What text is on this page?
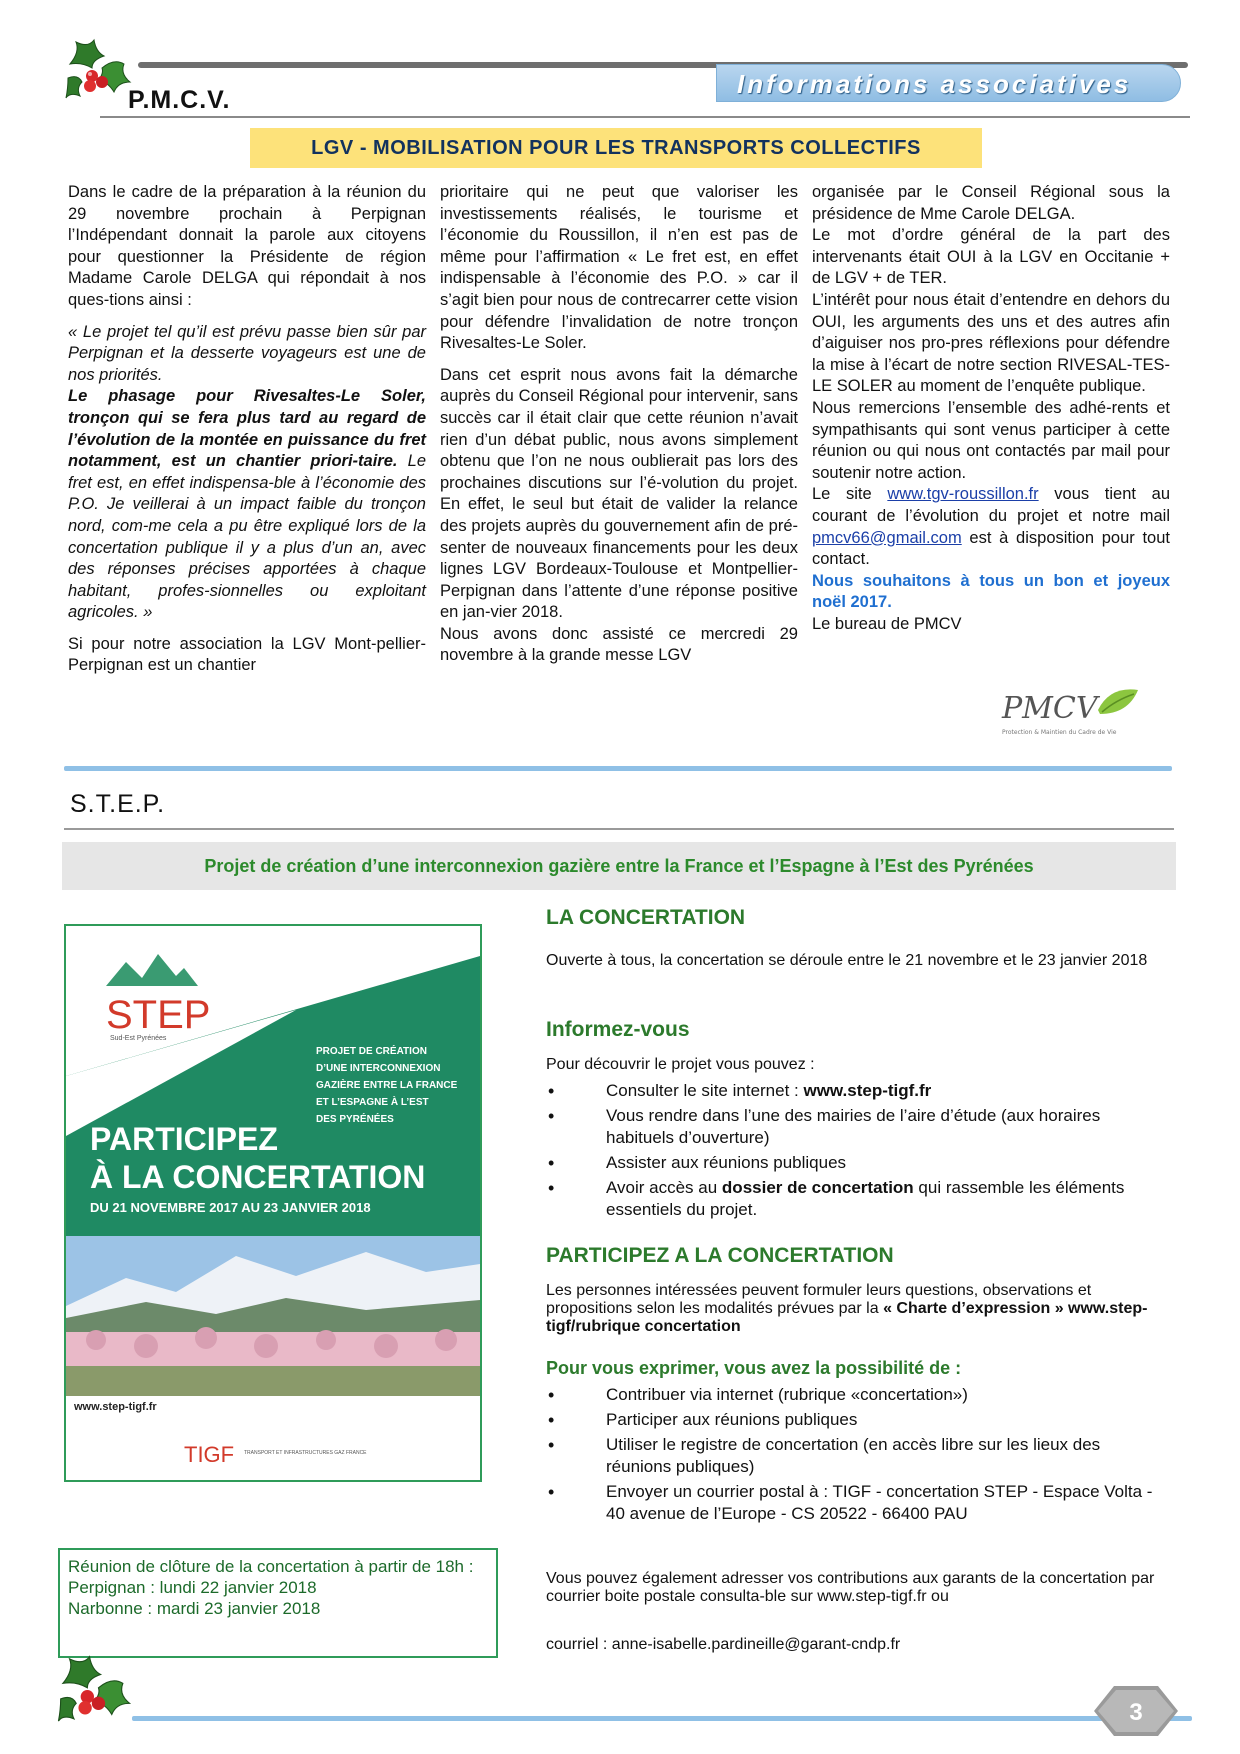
P.M.C.V.
Informations associatives
LGV - MOBILISATION POUR LES TRANSPORTS COLLECTIFS

Dans le cadre de la préparation à la réunion du 29 novembre prochain à Perpignan l’Indépendant donnait la parole aux citoyens pour questionner la Présidente de région Madame Carole DELGA qui répondait à nos ques-tions ainsi :

« Le projet tel qu’il est prévu passe bien sûr par Perpignan et la desserte voyageurs est une de nos priorités.
Le phasage pour Rivesaltes-Le Soler, tronçon qui se fera plus tard au regard de l’évolution de la montée en puissance du fret notamment, est un chantier priori-taire. Le fret est, en effet indispensa-ble à l’économie des P.O. Je veillerai à un impact faible du tronçon nord, com-me cela a pu être expliqué lors de la concertation publique il y a plus d’un an, avec des réponses précises apportées à chaque habitant, profes-sionnelles ou exploitant agricoles. »

Si pour notre association la LGV Mont-pellier-Perpignan est un chantier

prioritaire qui ne peut que valoriser les investissements réalisés, le tourisme et l’économie du Roussillon, il n’en est pas de même pour l’affirmation « Le fret est, en effet indispensable à l’économie des P.O. » car il s’agit bien pour nous de contrecarrer cette vision pour défendre l’invalidation de notre tronçon Rivesaltes-Le Soler.

Dans cet esprit nous avons fait la démarche auprès du Conseil Régional pour intervenir, sans succès car il était clair que cette réunion n’avait rien d’un débat public, nous avons simplement obtenu que l’on ne nous oublierait pas lors des prochaines discutions sur l’é-volution du projet. En effet, le seul but était de valider la relance des projets auprès du gouvernement afin de pré-senter de nouveaux financements pour les deux lignes LGV Bordeaux-Toulouse et Montpellier-Perpignan dans l’attente d’une réponse positive en jan-vier 2018.

Nous avons donc assisté ce mercredi 29 novembre à la grande messe LGV

organisée par le Conseil Régional sous la présidence de Mme Carole DELGA.

Le mot d’ordre général de la part des intervenants était OUI à la LGV en Occitanie + de LGV + de TER.

L’intérêt pour nous était d’entendre en dehors du OUI, les arguments des uns et des autres afin d’aiguiser nos pro-pres réflexions pour défendre la mise à l’écart de notre section RIVESAL-TES-LE SOLER au moment de l’enquête publique.

Nous remercions l’ensemble des adhé-rents et sympathisants qui sont venus participer à cette réunion ou qui nous ont contactés par mail pour soutenir notre action.

Le site www.tgv-roussillon.fr vous tient au courant de l’évolution du projet et notre mail pmcv66@gmail.com est à disposition pour tout contact.

Nous souhaitons à tous un bon et joyeux noël 2017.

Le bureau de PMCV

PMCV
Protection & Maintien du Cadre de Vie
S.T.E.P.
Projet de création d’une interconnexion gazière entre la France et l’Espagne à l’Est des Pyrénées
STEP
Sud-Est Pyrénées
PROJET DE CRÉATION
D’UNE INTERCONNEXION
GAZIÈRE ENTRE LA FRANCE
ET L’ESPAGNE À L’EST
DES PYRÉNÉES
PARTICIPEZ
À LA CONCERTATION
DU 21 NOVEMBRE 2017 AU 23 JANVIER 2018
www.step-tigf.fr
TIGF TRANSPORT ET INFRASTRUCTURES GAZ FRANCE
LA CONCERTATION
Ouverte à tous, la concertation se déroule entre le 21 novembre et le 23 janvier 2018
Informez-vous
Pour découvrir le projet vous pouvez :
• Consulter le site internet : www.step-tigf.fr
• Vous rendre dans l’une des mairies de l’aire d’étude (aux horaires habituels d’ouverture)
• Assister aux réunions publiques
• Avoir accès au dossier de concertation qui rassemble les éléments essentiels du projet.
PARTICIPEZ A LA CONCERTATION
Les personnes intéressées peuvent formuler leurs questions, observations et propositions selon les modalités prévues par la « Charte d’expression » www.step-tigf/rubrique concertation
Pour vous exprimer, vous avez la possibilité de :
• Contribuer via internet (rubrique «concertation»)
• Participer aux réunions publiques
• Utiliser le registre de concertation (en accès libre sur les lieux des réunions publiques)
• Envoyer un courrier postal à : TIGF - concertation STEP - Espace Volta - 40 avenue de l’Europe - CS 20522 - 66400 PAU
Vous pouvez également adresser vos contributions aux garants de la concertation par courrier boite postale consulta-ble sur www.step-tigf.fr ou
courriel : anne-isabelle.pardineille@garant-cndp.fr
Réunion de clôture de la concertation à partir de 18h :
Perpignan : lundi 22 janvier 2018
Narbonne : mardi 23 janvier 2018
3
